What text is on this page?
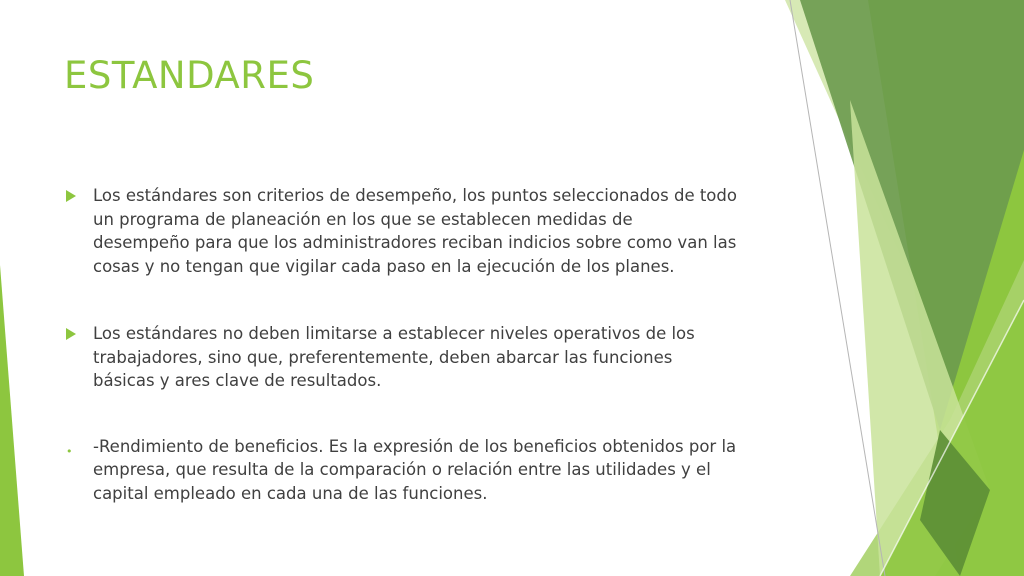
ESTANDARES
Los estándares son criterios de desempeño, los puntos seleccionados de todo
un programa de planeación en los que se establecen medidas de
desempeño para que los administradores reciban indicios sobre como van las
cosas y no tengan que vigilar cada paso en la ejecución de los planes.
Los estándares no deben limitarse a establecer niveles operativos de los
trabajadores, sino que, preferentemente, deben abarcar las funciones
básicas y ares clave de resultados.
• -Rendimiento de beneficios. Es la expresión de los beneficios obtenidos por la
empresa, que resulta de la comparación o relación entre las utilidades y el
capital empleado en cada una de las funciones.
